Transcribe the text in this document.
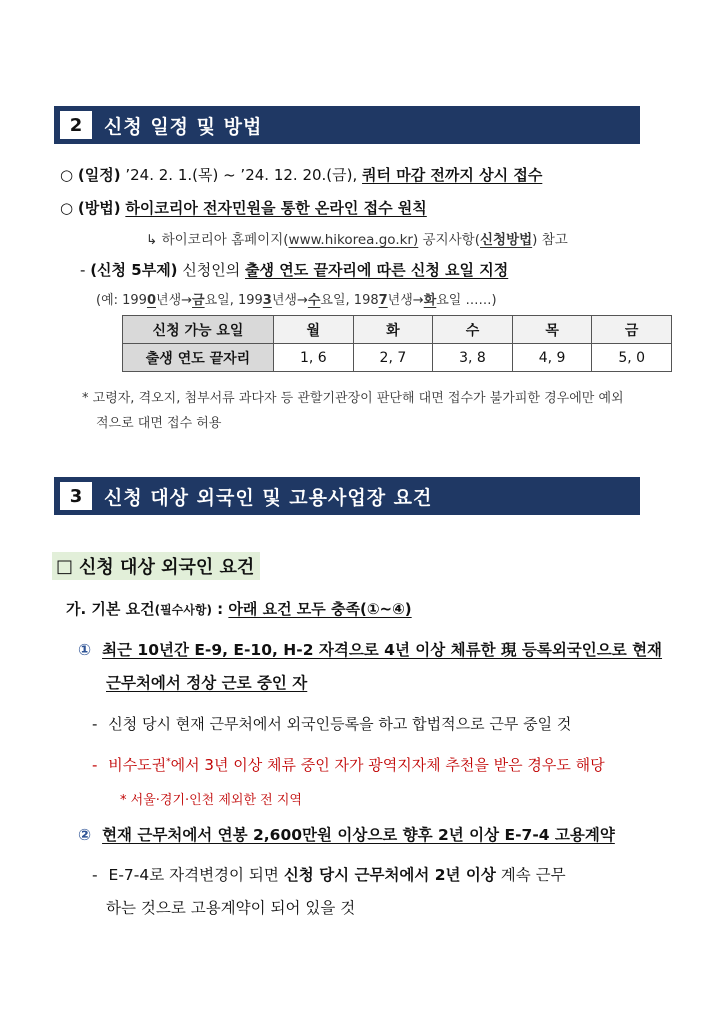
2	신청 일정 및 방법
○ (일정) ’24. 2. 1.(목) ~ ’24. 12. 20.(금), 쿼터 마감 전까지 상시 접수
○ (방법) 하이코리아 전자민원을 통한 온라인 접수 원칙
↳ 하이코리아 홈페이지(www.hikorea.go.kr) 공지사항(신청방법) 참고
- (신청 5부제) 신청인의 출생 연도 끝자리에 따른 신청 요일 지정
(예: 1990년생→금요일, 1993년생→수요일, 1987년생→화요일 ……)
신청 가능 요일	월	화	수	목	금
출생 연도 끝자리	1, 6	2, 7	3, 8	4, 9	5, 0
* 고령자, 격오지, 첨부서류 과다자 등 관할기관장이 판단해 대면 접수가 불가피한 경우에만 예외
적으로 대면 접수 허용
3	신청 대상 외국인 및 고용사업장 요건
□ 신청 대상 외국인 요건
가. 기본 요건(필수사항) : 아래 요건 모두 충족(①~④)
① 최근 10년간 E-9, E-10, H-2 자격으로 4년 이상 체류한 現 등록외국인으로 현재
근무처에서 정상 근로 중인 자
- 신청 당시 현재 근무처에서 외국인등록을 하고 합법적으로 근무 중일 것
- 비수도권*에서 3년 이상 체류 중인 자가 광역지자체 추천을 받은 경우도 해당
* 서울·경기·인천 제외한 전 지역
② 현재 근무처에서 연봉 2,600만원 이상으로 향후 2년 이상 E-7-4 고용계약
- E-7-4로 자격변경이 되면 신청 당시 근무처에서 2년 이상 계속 근무
하는 것으로 고용계약이 되어 있을 것
